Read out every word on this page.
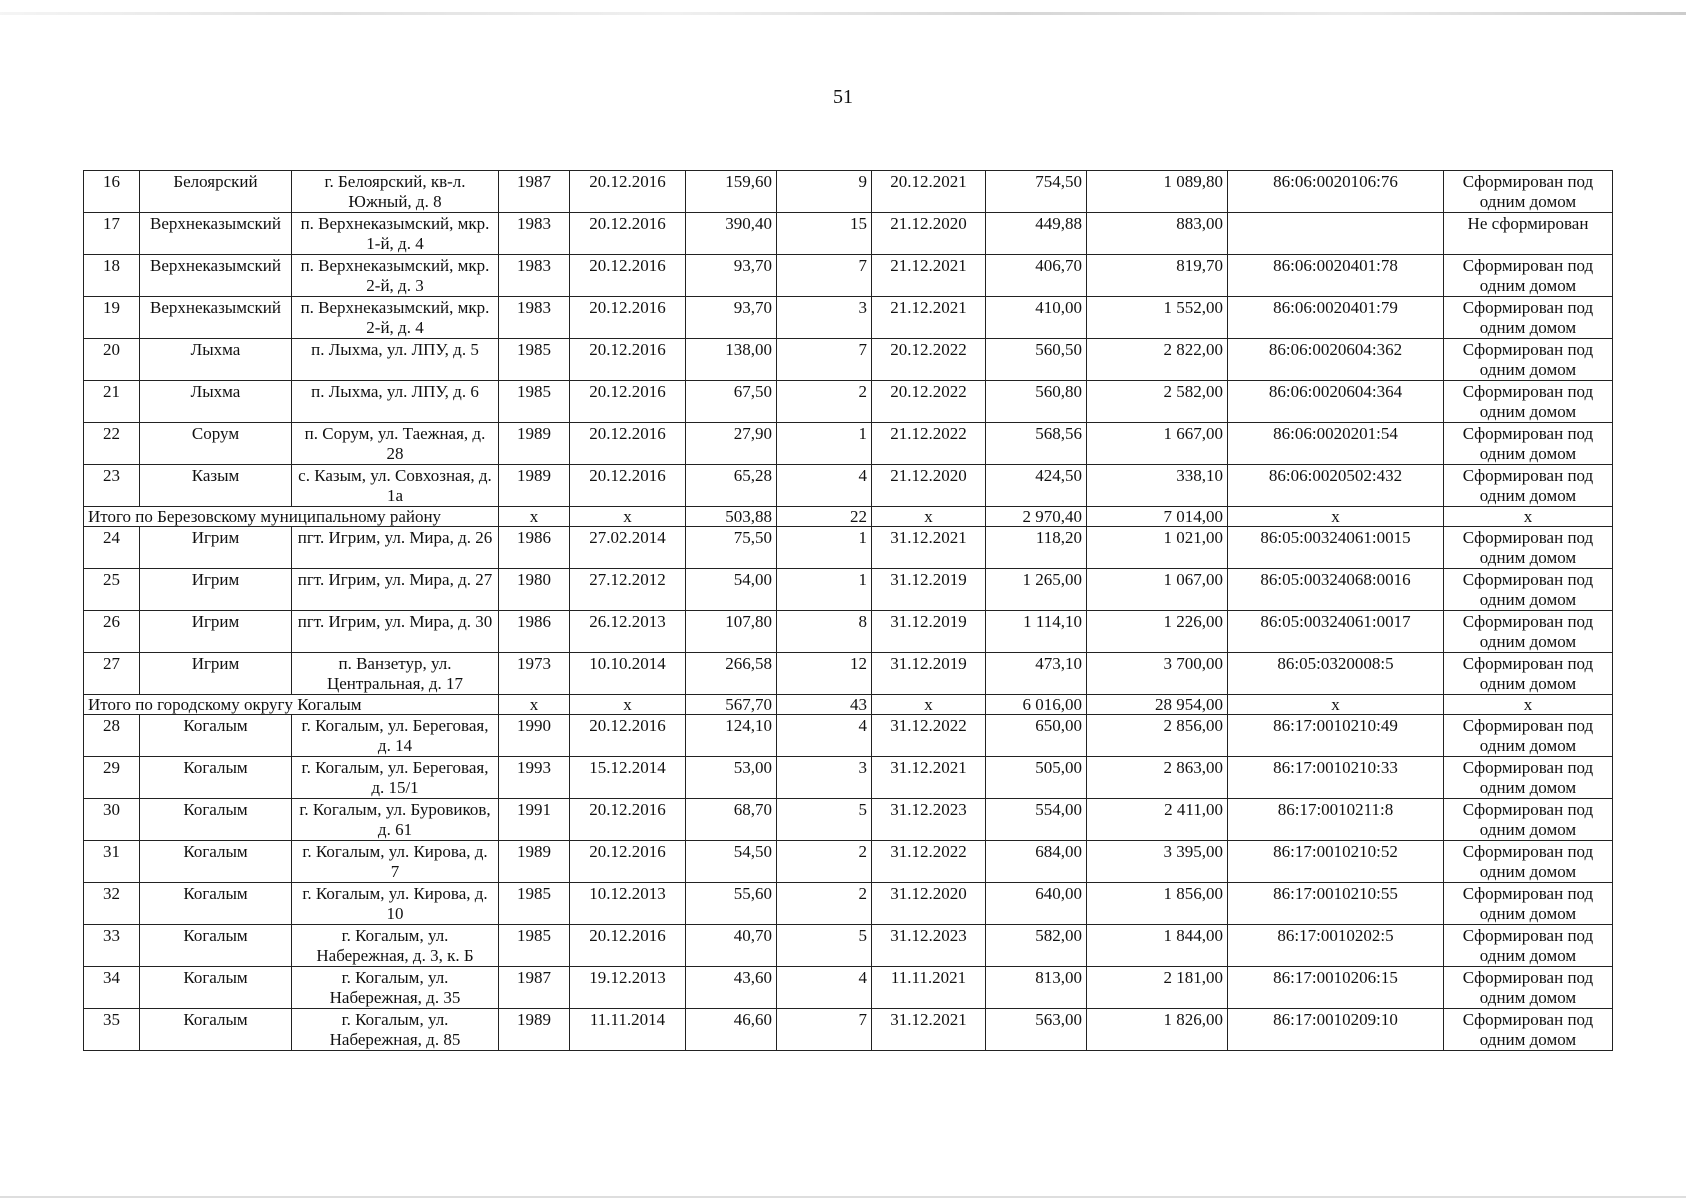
51
16	Белоярский	г. Белоярский, кв-л. Южный, д. 8	1987	20.12.2016	159,60	9	20.12.2021	754,50	1 089,80	86:06:0020106:76	Сформирован под одним домом
17	Верхнеказымский	п. Верхнеказымский, мкр. 1-й, д. 4	1983	20.12.2016	390,40	15	21.12.2020	449,88	883,00		Не сформирован
18	Верхнеказымский	п. Верхнеказымский, мкр. 2-й, д. 3	1983	20.12.2016	93,70	7	21.12.2021	406,70	819,70	86:06:0020401:78	Сформирован под одним домом
19	Верхнеказымский	п. Верхнеказымский, мкр. 2-й, д. 4	1983	20.12.2016	93,70	3	21.12.2021	410,00	1 552,00	86:06:0020401:79	Сформирован под одним домом
20	Лыхма	п. Лыхма, ул. ЛПУ, д. 5	1985	20.12.2016	138,00	7	20.12.2022	560,50	2 822,00	86:06:0020604:362	Сформирован под одним домом
21	Лыхма	п. Лыхма, ул. ЛПУ, д. 6	1985	20.12.2016	67,50	2	20.12.2022	560,80	2 582,00	86:06:0020604:364	Сформирован под одним домом
22	Сорум	п. Сорум, ул. Таежная, д. 28	1989	20.12.2016	27,90	1	21.12.2022	568,56	1 667,00	86:06:0020201:54	Сформирован под одним домом
23	Казым	с. Казым, ул. Совхозная, д. 1а	1989	20.12.2016	65,28	4	21.12.2020	424,50	338,10	86:06:0020502:432	Сформирован под одним домом
Итого по Березовскому муниципальному району			х	х	503,88	22	х	2 970,40	7 014,00	х	х
24	Игрим	пгт. Игрим, ул. Мира, д. 26	1986	27.02.2014	75,50	1	31.12.2021	118,20	1 021,00	86:05:00324061:0015	Сформирован под одним домом
25	Игрим	пгт. Игрим, ул. Мира, д. 27	1980	27.12.2012	54,00	1	31.12.2019	1 265,00	1 067,00	86:05:00324068:0016	Сформирован под одним домом
26	Игрим	пгт. Игрим, ул. Мира, д. 30	1986	26.12.2013	107,80	8	31.12.2019	1 114,10	1 226,00	86:05:00324061:0017	Сформирован под одним домом
27	Игрим	п. Ванзетур, ул. Центральная, д. 17	1973	10.10.2014	266,58	12	31.12.2019	473,10	3 700,00	86:05:0320008:5	Сформирован под одним домом
Итого по городскому округу Когалым			х	х	567,70	43	х	6 016,00	28 954,00	х	х
28	Когалым	г. Когалым, ул. Береговая, д. 14	1990	20.12.2016	124,10	4	31.12.2022	650,00	2 856,00	86:17:0010210:49	Сформирован под одним домом
29	Когалым	г. Когалым, ул. Береговая, д. 15/1	1993	15.12.2014	53,00	3	31.12.2021	505,00	2 863,00	86:17:0010210:33	Сформирован под одним домом
30	Когалым	г. Когалым, ул. Буровиков, д. 61	1991	20.12.2016	68,70	5	31.12.2023	554,00	2 411,00	86:17:0010211:8	Сформирован под одним домом
31	Когалым	г. Когалым, ул. Кирова, д. 7	1989	20.12.2016	54,50	2	31.12.2022	684,00	3 395,00	86:17:0010210:52	Сформирован под одним домом
32	Когалым	г. Когалым, ул. Кирова, д. 10	1985	10.12.2013	55,60	2	31.12.2020	640,00	1 856,00	86:17:0010210:55	Сформирован под одним домом
33	Когалым	г. Когалым, ул. Набережная, д. 3, к. Б	1985	20.12.2016	40,70	5	31.12.2023	582,00	1 844,00	86:17:0010202:5	Сформирован под одним домом
34	Когалым	г. Когалым, ул. Набережная, д. 35	1987	19.12.2013	43,60	4	11.11.2021	813,00	2 181,00	86:17:0010206:15	Сформирован под одним домом
35	Когалым	г. Когалым, ул. Набережная, д. 85	1989	11.11.2014	46,60	7	31.12.2021	563,00	1 826,00	86:17:0010209:10	Сформирован под одним домом
